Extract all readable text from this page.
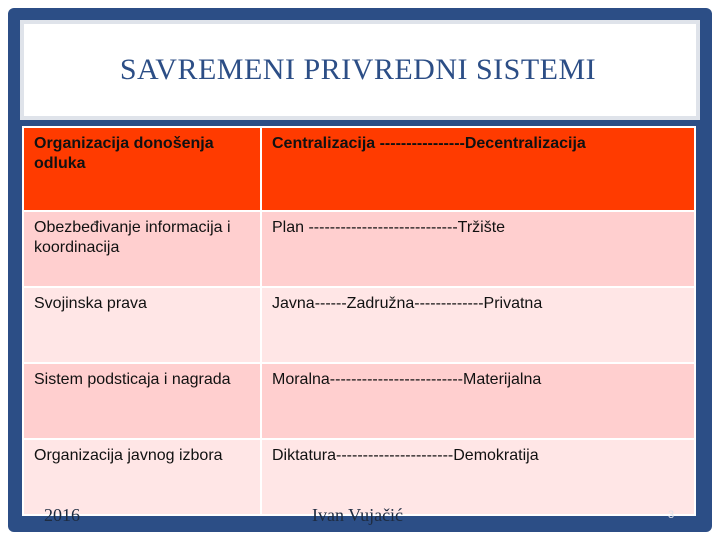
SAVREMENI PRIVREDNI SISTEMI
Organizacija donošenja odluka	Centralizacija ----------------Decentralizacija
Obezbeđivanje informacija i koordinacija	Plan ----------------------------Tržište
Svojinska prava	Javna------Zadružna-------------Privatna
Sistem podsticaja i nagrada	Moralna-------------------------Materijalna
Organizacija javnog izbora	Diktatura----------------------Demokratija
2016	Ivan Vujačić	3
